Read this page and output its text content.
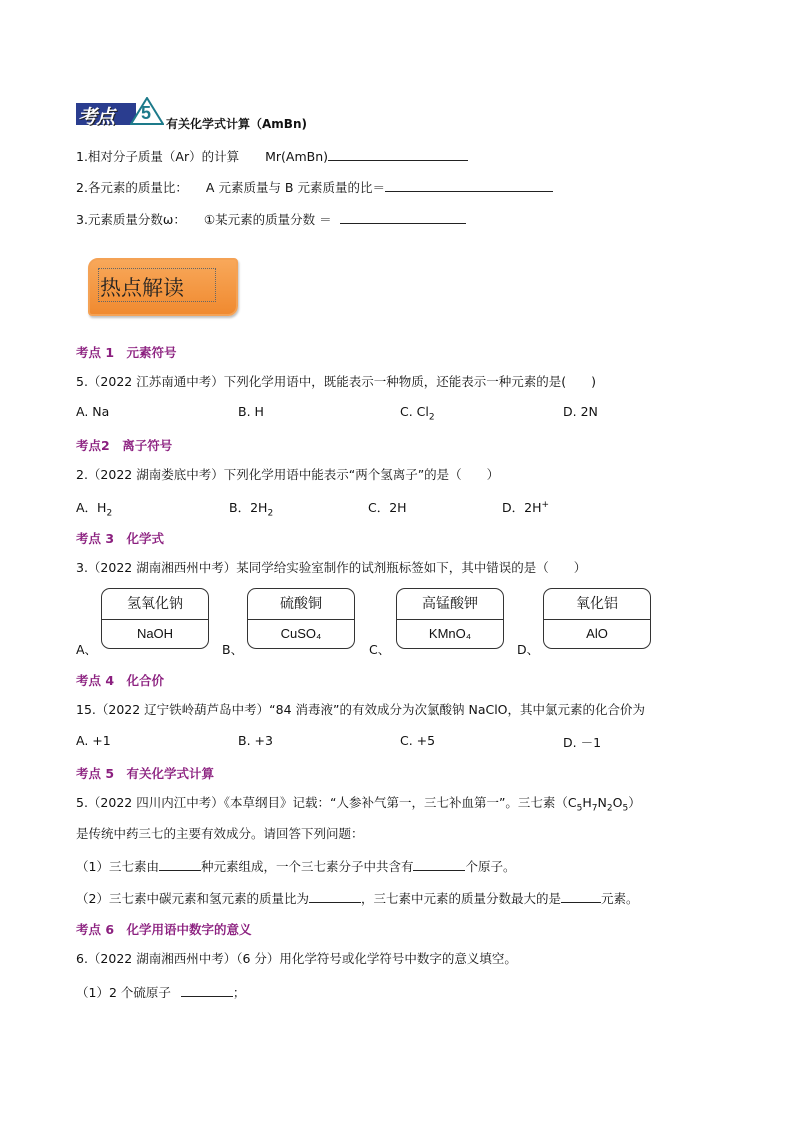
考点 5
有关化学式计算（AmBn)
1.相对分子质量（Ar）的计算 Mr(AmBn)
2.各元素的质量比： A 元素质量与 B 元素质量的比＝
3.元素质量分数ω： ①某元素的质量分数 ＝
热点解读
考点 1　元素符号
5.（2022 江苏南通中考）下列化学用语中，既能表示一种物质，还能表示一种元素的是(　　)
A. Na	B. H	C. $Cl_2$	D. 2N
考点2　离子符号
2.（2022 湖南娄底中考）下列化学用语中能表示“两个氢离子”的是（　　）
A．$H_2$	B．$2H_2$	C．2H	D．2H+
考点 3　化学式
3.（2022 湖南湘西州中考）某同学给实验室制作的试剂瓶标签如下，其中错误的是（　　）
A、
氢氧化钠
NaOH
B、
硫酸铜
CuSO₄
C、
高锰酸钾
KMnO₄
D、
氧化铝
AlO
考点 4　化合价
15.（2022 辽宁铁岭葫芦岛中考）“84 消毒液”的有效成分为次氯酸钠 NaClO，其中氯元素的化合价为
A. +1	B. +3	C. +5	D. －1
考点 5　有关化学式计算
5.（2022 四川内江中考）《本草纲目》记载：“人参补气第一，三七补血第一”。三七素$(C_5H_7N_2O_5)$
是传统中药三七的主要有效成分。请回答下列问题：
（1）三七素由	种元素组成，一个三七素分子中共含有	个原子。
（2）三七素中碳元素和氢元素的质量比为	，三七素中元素的质量分数最大的是	元素。
考点 6　化学用语中数字的意义
6.（2022 湖南湘西州中考）（6 分）用化学符号或化学符号中数字的意义填空。
（1）2 个硫原子	；
